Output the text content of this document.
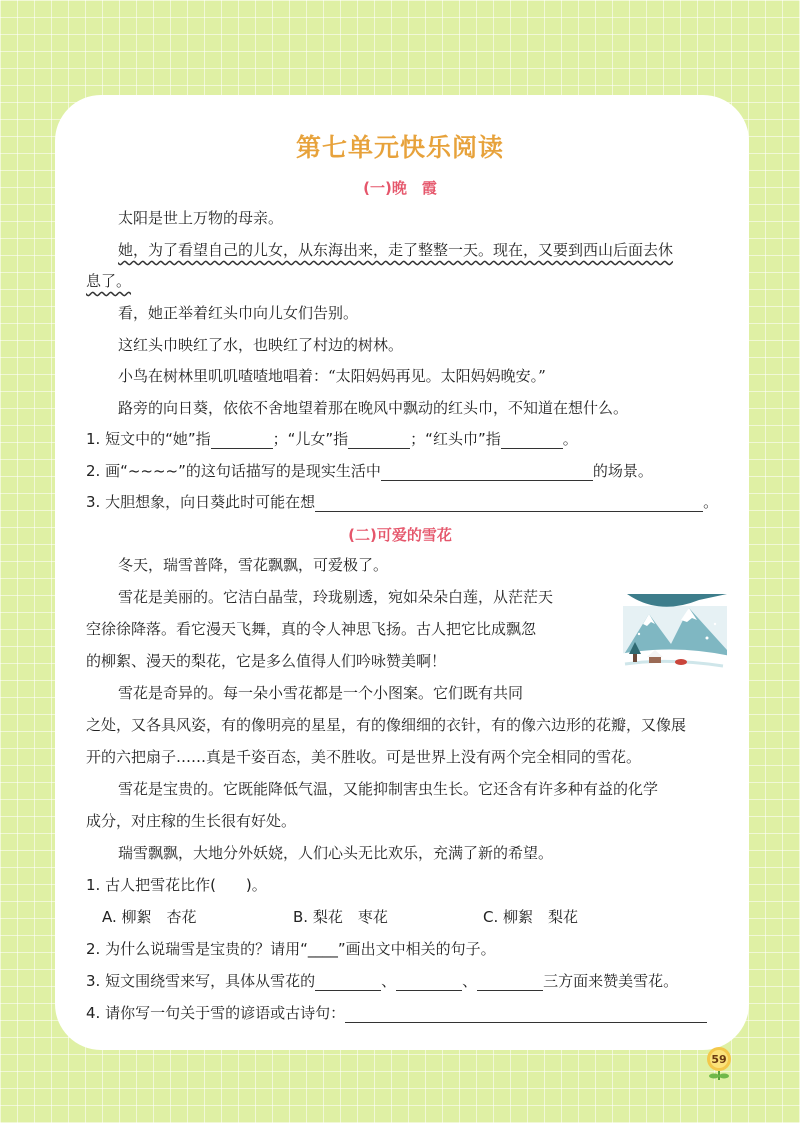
第七单元快乐阅读
(一)晚　霞
太阳是世上万物的母亲。
她，为了看望自己的儿女，从东海出来，走了整整一天。现在，又要到西山后面去休
息了。
看，她正举着红头巾向儿女们告别。
这红头巾映红了水，也映红了村边的树林。
小鸟在树林里叽叽喳喳地唱着：“太阳妈妈再见。太阳妈妈晚安。”
路旁的向日葵，依依不舍地望着那在晚风中飘动的红头巾，不知道在想什么。
1. 短文中的“她”指	；“儿女”指	；“红头巾”指	。
2. 画“~~~~”的这句话描写的是现实生活中	的场景。
3. 大胆想象，向日葵此时可能在想	。
(二)可爱的雪花
冬天，瑞雪普降，雪花飘飘，可爱极了。
雪花是美丽的。它洁白晶莹，玲珑剔透，宛如朵朵白莲，从茫茫天
空徐徐降落。看它漫天飞舞，真的令人神思飞扬。古人把它比成飘忽
的柳絮、漫天的梨花，它是多么值得人们吟咏赞美啊！
雪花是奇异的。每一朵小雪花都是一个小图案。它们既有共同
之处，又各具风姿，有的像明亮的星星，有的像细细的衣针，有的像六边形的花瓣，又像展
开的六把扇子……真是千姿百态，美不胜收。可是世界上没有两个完全相同的雪花。
雪花是宝贵的。它既能降低气温，又能抑制害虫生长。它还含有许多种有益的化学
成分，对庄稼的生长很有好处。
瑞雪飘飘，大地分外妖娆，人们心头无比欢乐，充满了新的希望。
1. 古人把雪花比作(　　)。
A. 柳絮　杏花	B. 梨花　枣花	C. 柳絮　梨花
2. 为什么说瑞雪是宝贵的？请用“____”画出文中相关的句子。
3. 短文围绕雪来写，具体从雪花的	、	、	三方面来赞美雪花。
4. 请你写一句关于雪的谚语或古诗句：
59
